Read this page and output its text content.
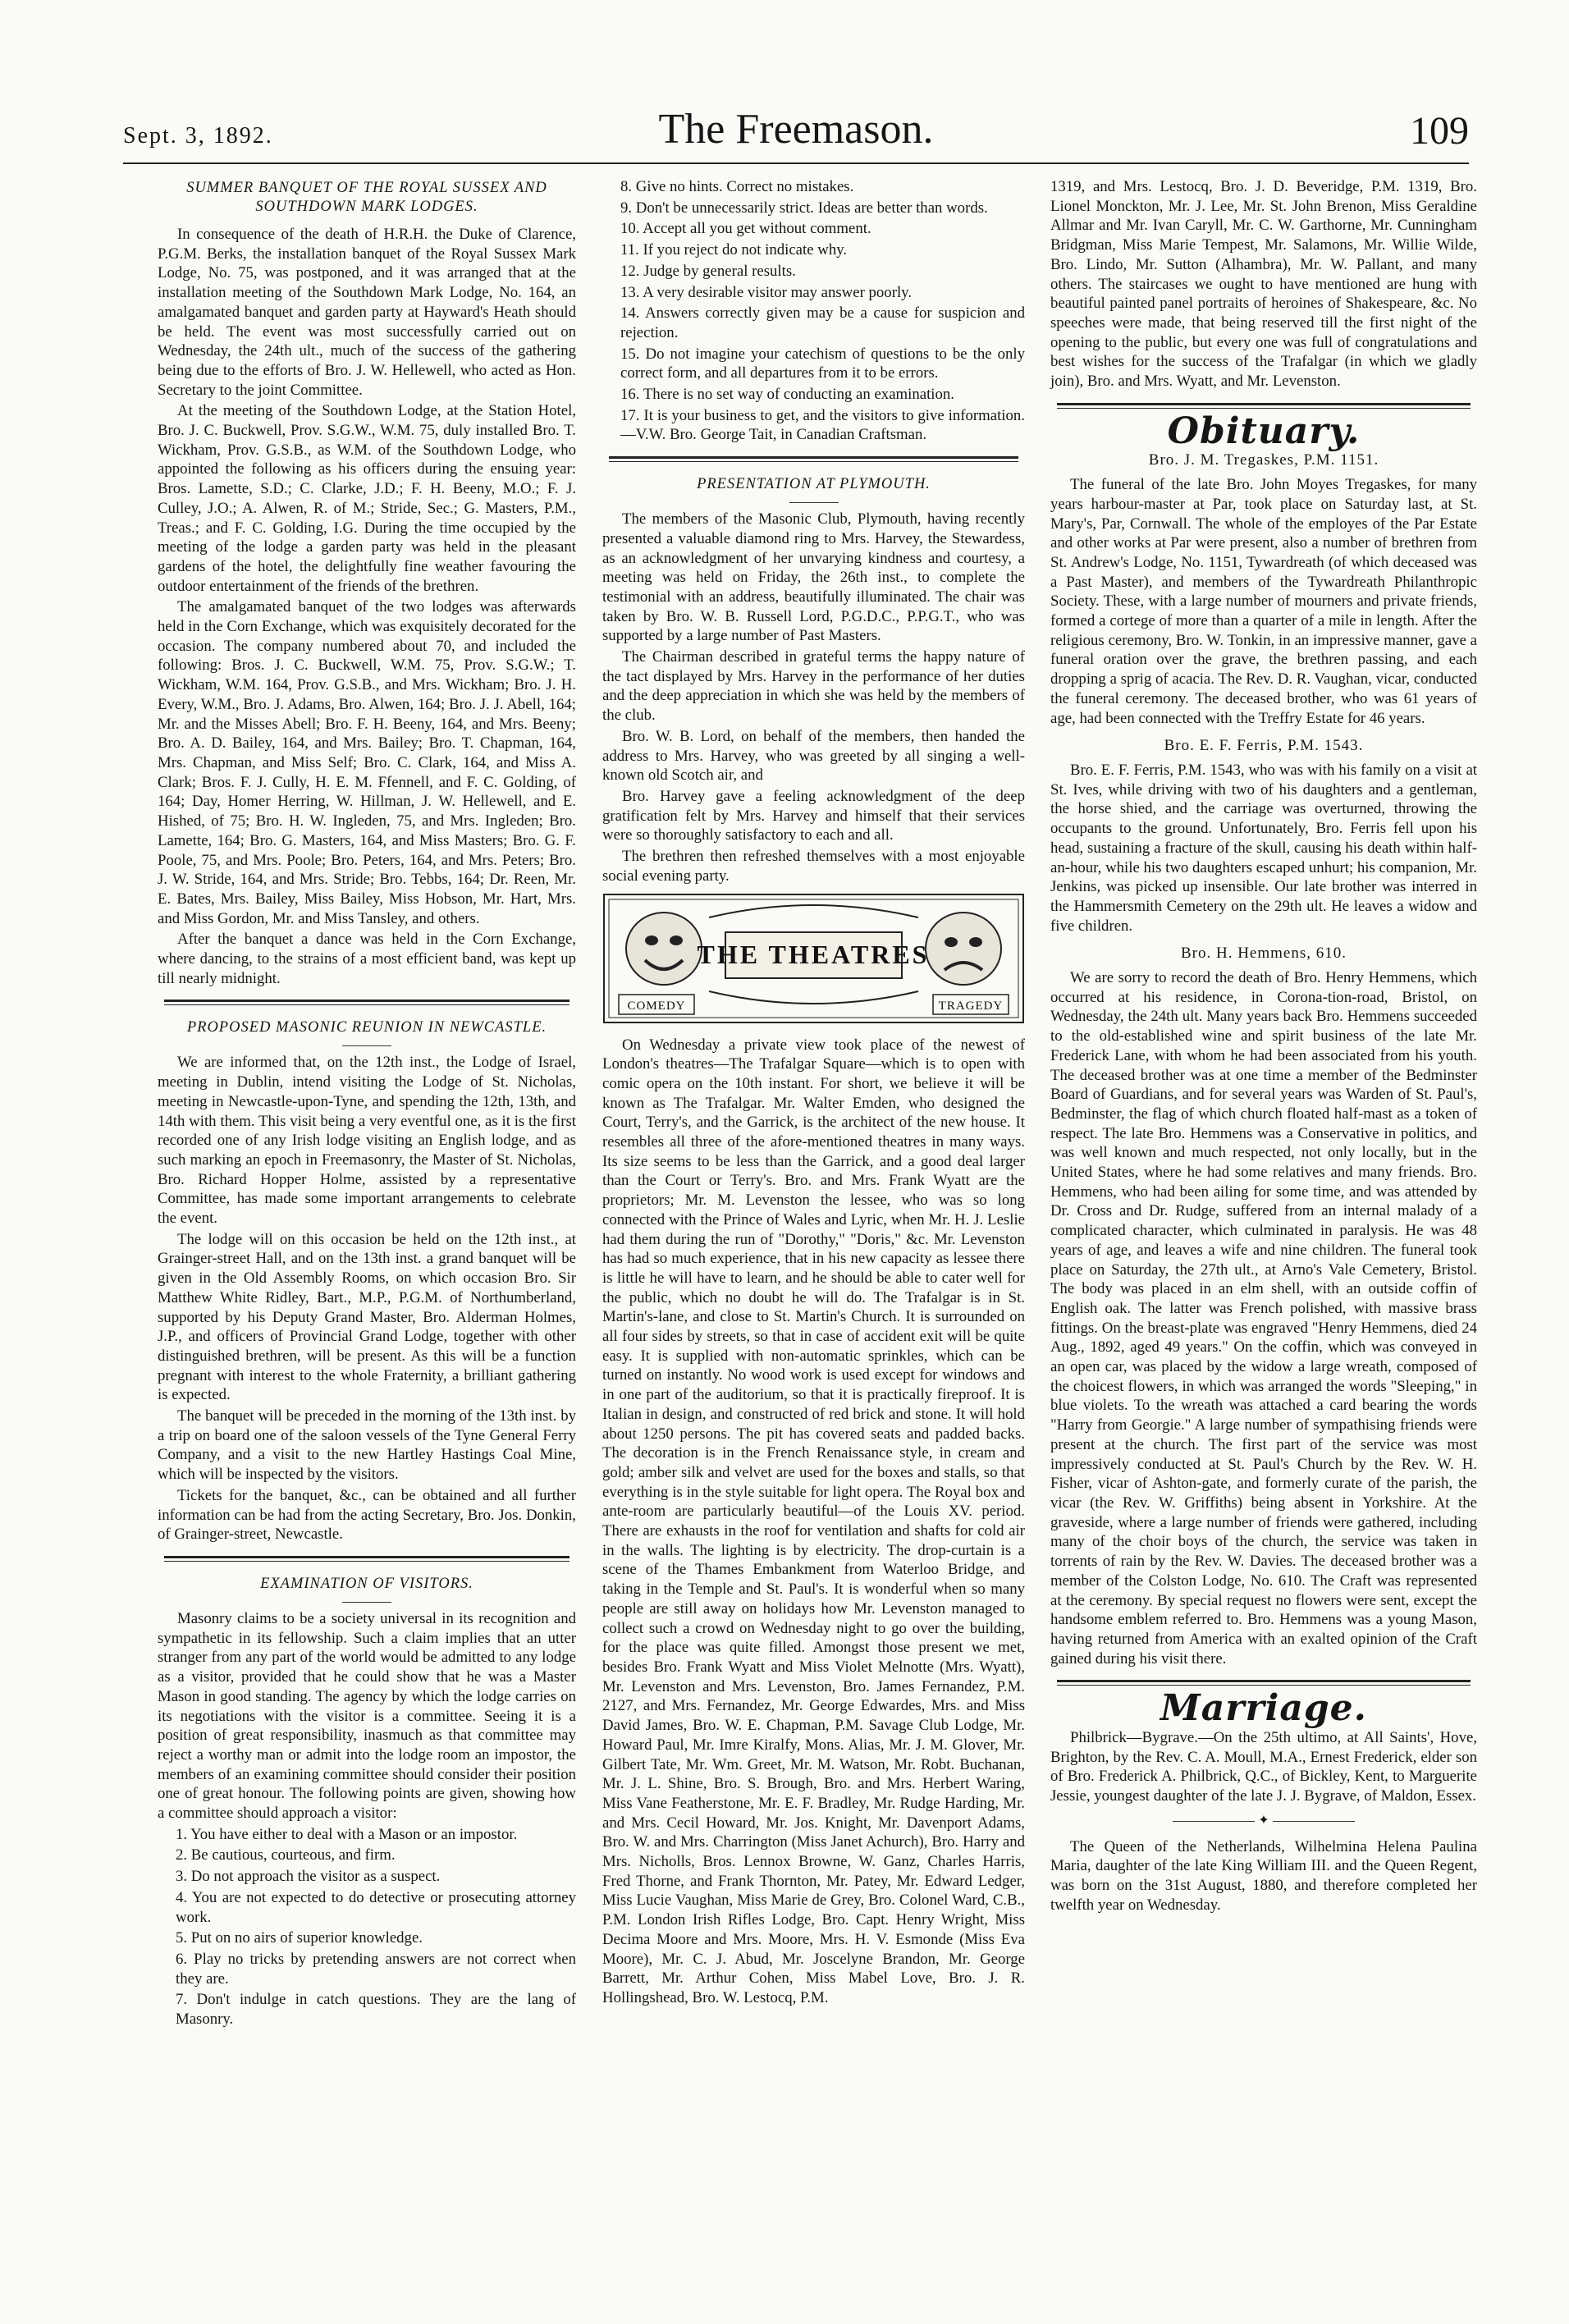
Sept. 3, 1892.	The Freemason.	109
SUMMER BANQUET OF THE ROYAL SUSSEX AND SOUTHDOWN MARK LODGES.

In consequence of the death of H.R.H. the Duke of Clarence, P.G.M. Berks, the installation banquet of the Royal Sussex Mark Lodge, No. 75, was postponed, and it was arranged that at the installation meeting of the Southdown Mark Lodge, No. 164, an amalgamated banquet and garden party at Hayward's Heath should be held. The event was most successfully carried out on Wednesday, the 24th ult., much of the success of the gathering being due to the efforts of Bro. J. W. Hellewell, who acted as Hon. Secretary to the joint Committee.

At the meeting of the Southdown Lodge, at the Station Hotel, Bro. J. C. Buckwell, Prov. S.G.W., W.M. 75, duly installed Bro. T. Wickham, Prov. G.S.B., as W.M. of the Southdown Lodge, who appointed the following as his officers during the ensuing year: Bros. Lamette, S.D.; C. Clarke, J.D.; F. H. Beeny, M.O.; F. J. Culley, J.O.; A. Alwen, R. of M.; Stride, Sec.; G. Masters, P.M., Treas.; and F. C. Golding, I.G. During the time occupied by the meeting of the lodge a garden party was held in the pleasant gardens of the hotel, the delightfully fine weather favouring the outdoor entertainment of the friends of the brethren.

The amalgamated banquet of the two lodges was afterwards held in the Corn Exchange, which was exquisitely decorated for the occasion. The company numbered about 70, and included the following: Bros. J. C. Buckwell, W.M. 75, Prov. S.G.W.; T. Wickham, W.M. 164, Prov. G.S.B., and Mrs. Wickham; Bro. J. H. Every, W.M., Bro. J. Adams, Bro. Alwen, 164; Bro. J. J. Abell, 164; Mr. and the Misses Abell; Bro. F. H. Beeny, 164, and Mrs. Beeny; Bro. A. D. Bailey, 164, and Mrs. Bailey; Bro. T. Chapman, 164, Mrs. Chapman, and Miss Self; Bro. C. Clark, 164, and Miss A. Clark; Bros. F. J. Cully, H. E. M. Ffennell, and F. C. Golding, of 164; Day, Homer Herring, W. Hillman, J. W. Hellewell, and E. Hished, of 75; Bro. H. W. Ingleden, 75, and Mrs. Ingleden; Bro. Lamette, 164; Bro. G. Masters, 164, and Miss Masters; Bro. G. F. Poole, 75, and Mrs. Poole; Bro. Peters, 164, and Mrs. Peters; Bro. J. W. Stride, 164, and Mrs. Stride; Bro. Tebbs, 164; Dr. Reen, Mr. E. Bates, Mrs. Bailey, Miss Bailey, Miss Hobson, Mr. Hart, Mrs. and Miss Gordon, Mr. and Miss Tansley, and others.

After the banquet a dance was held in the Corn Exchange, where dancing, to the strains of a most efficient band, was kept up till nearly midnight.

PROPOSED MASONIC REUNION IN NEWCASTLE.

We are informed that, on the 12th inst., the Lodge of Israel, meeting in Dublin, intend visiting the Lodge of St. Nicholas, meeting in Newcastle-upon-Tyne, and spending the 12th, 13th, and 14th with them. This visit being a very eventful one, as it is the first recorded one of any Irish lodge visiting an English lodge, and as such marking an epoch in Freemasonry, the Master of St. Nicholas, Bro. Richard Hopper Holme, assisted by a representative Committee, has made some important arrangements to celebrate the event.

The lodge will on this occasion be held on the 12th inst., at Grainger-street Hall, and on the 13th inst. a grand banquet will be given in the Old Assembly Rooms, on which occasion Bro. Sir Matthew White Ridley, Bart., M.P., P.G.M. of Northumberland, supported by his Deputy Grand Master, Bro. Alderman Holmes, J.P., and officers of Provincial Grand Lodge, together with other distinguished brethren, will be present. As this will be a function pregnant with interest to the whole Fraternity, a brilliant gathering is expected.

The banquet will be preceded in the morning of the 13th inst. by a trip on board one of the saloon vessels of the Tyne General Ferry Company, and a visit to the new Hartley Hastings Coal Mine, which will be inspected by the visitors.

Tickets for the banquet, &c., can be obtained and all further information can be had from the acting Secretary, Bro. Jos. Donkin, of Grainger-street, Newcastle.

EXAMINATION OF VISITORS.

Masonry claims to be a society universal in its recognition and sympathetic in its fellowship. Such a claim implies that an utter stranger from any part of the world would be admitted to any lodge as a visitor, provided that he could show that he was a Master Mason in good standing. The agency by which the lodge carries on its negotiations with the visitor is a committee. Seeing it is a position of great responsibility, inasmuch as that committee may reject a worthy man or admit into the lodge room an impostor, the members of an examining committee should consider their position one of great honour. The following points are given, showing how a committee should approach a visitor:

1. You have either to deal with a Mason or an impostor.

2. Be cautious, courteous, and firm.

3. Do not approach the visitor as a suspect.

4. You are not expected to do detective or prosecuting attorney work.

5. Put on no airs of superior knowledge.

6. Play no tricks by pretending answers are not correct when they are.

7. Don't indulge in catch questions. They are the lang of Masonry.

8. Give no hints. Correct no mistakes.

9. Don't be unnecessarily strict. Ideas are better than words.

10. Accept all you get without comment.

11. If you reject do not indicate why.

12. Judge by general results.

13. A very desirable visitor may answer poorly.

14. Answers correctly given may be a cause for suspicion and rejection.

15. Do not imagine your catechism of questions to be the only correct form, and all departures from it to be errors.

16. There is no set way of conducting an examination.

17. It is your business to get, and the visitors to give information.—V.W. Bro. George Tait, in Canadian Craftsman.

PRESENTATION AT PLYMOUTH.

The members of the Masonic Club, Plymouth, having recently presented a valuable diamond ring to Mrs. Harvey, the Stewardess, as an acknowledgment of her unvarying kindness and courtesy, a meeting was held on Friday, the 26th inst., to complete the testimonial with an address, beautifully illuminated. The chair was taken by Bro. W. B. Russell Lord, P.G.D.C., P.P.G.T., who was supported by a large number of Past Masters.

The Chairman described in grateful terms the happy nature of the tact displayed by Mrs. Harvey in the performance of her duties and the deep appreciation in which she was held by the members of the club.

Bro. W. B. Lord, on behalf of the members, then handed the address to Mrs. Harvey, who was greeted by all singing a well-known old Scotch air, and

Bro. Harvey gave a feeling acknowledgment of the deep gratification felt by Mrs. Harvey and himself that their services were so thoroughly satisfactory to each and all.

The brethren then refreshed themselves with a most enjoyable social evening party.

THE THEATRES
COMEDY	TRAGEDY

On Wednesday a private view took place of the newest of London's theatres—The Trafalgar Square—which is to open with comic opera on the 10th instant. For short, we believe it will be known as The Trafalgar. Mr. Walter Emden, who designed the Court, Terry's, and the Garrick, is the architect of the new house. It resembles all three of the afore-mentioned theatres in many ways. Its size seems to be less than the Garrick, and a good deal larger than the Court or Terry's. Bro. and Mrs. Frank Wyatt are the proprietors; Mr. M. Levenston the lessee, who was so long connected with the Prince of Wales and Lyric, when Mr. H. J. Leslie had them during the run of "Dorothy," "Doris," &c. Mr. Levenston has had so much experience, that in his new capacity as lessee there is little he will have to learn, and he should be able to cater well for the public, which no doubt he will do. The Trafalgar is in St. Martin's-lane, and close to St. Martin's Church. It is surrounded on all four sides by streets, so that in case of accident exit will be quite easy. It is supplied with non-automatic sprinkles, which can be turned on instantly. No wood work is used except for windows and in one part of the auditorium, so that it is practically fireproof. It is Italian in design, and constructed of red brick and stone. It will hold about 1250 persons. The pit has covered seats and padded backs. The decoration is in the French Renaissance style, in cream and gold; amber silk and velvet are used for the boxes and stalls, so that everything is in the style suitable for light opera. The Royal box and ante-room are particularly beautiful—of the Louis XV. period. There are exhausts in the roof for ventilation and shafts for cold air in the walls. The lighting is by electricity. The drop-curtain is a scene of the Thames Embankment from Waterloo Bridge, and taking in the Temple and St. Paul's. It is wonderful when so many people are still away on holidays how Mr. Levenston managed to collect such a crowd on Wednesday night to go over the building, for the place was quite filled. Amongst those present we met, besides Bro. Frank Wyatt and Miss Violet Melnotte (Mrs. Wyatt), Mr. Levenston and Mrs. Levenston, Bro. James Fernandez, P.M. 2127, and Mrs. Fernandez, Mr. George Edwardes, Mrs. and Miss David James, Bro. W. E. Chapman, P.M. Savage Club Lodge, Mr. Howard Paul, Mr. Imre Kiralfy, Mons. Alias, Mr. J. M. Glover, Mr. Gilbert Tate, Mr. Wm. Greet, Mr. M. Watson, Mr. Robt. Buchanan, Mr. J. L. Shine, Bro. S. Brough, Bro. and Mrs. Herbert Waring, Miss Vane Featherstone, Mr. E. F. Bradley, Mr. Rudge Harding, Mr. and Mrs. Cecil Howard, Mr. Jos. Knight, Mr. Davenport Adams, Bro. W. and Mrs. Charrington (Miss Janet Achurch), Bro. Harry and Mrs. Nicholls, Bros. Lennox Browne, W. Ganz, Charles Harris, Fred Thorne, and Frank Thornton, Mr. Patey, Mr. Edward Ledger, Miss Lucie Vaughan, Miss Marie de Grey, Bro. Colonel Ward, C.B., P.M. London Irish Rifles Lodge, Bro. Capt. Henry Wright, Miss Decima Moore and Mrs. Moore, Mrs. H. V. Esmonde (Miss Eva Moore), Mr. C. J. Abud, Mr. Joscelyne Brandon, Mr. George Barrett, Mr. Arthur Cohen, Miss Mabel Love, Bro. J. R. Hollingshead, Bro. W. Lestocq, P.M.

1319, and Mrs. Lestocq, Bro. J. D. Beveridge, P.M. 1319, Bro. Lionel Monckton, Mr. J. Lee, Mr. St. John Brenon, Miss Geraldine Allmar and Mr. Ivan Caryll, Mr. C. W. Garthorne, Mr. Cunningham Bridgman, Miss Marie Tempest, Mr. Salamons, Mr. Willie Wilde, Bro. Lindo, Mr. Sutton (Alhambra), Mr. W. Pallant, and many others. The staircases we ought to have mentioned are hung with beautiful painted panel portraits of heroines of Shakespeare, &c. No speeches were made, that being reserved till the first night of the opening to the public, but every one was full of congratulations and best wishes for the success of the Trafalgar (in which we gladly join), Bro. and Mrs. Wyatt, and Mr. Levenston.

Obituary.
Bro. J. M. Tregaskes, P.M. 1151.

The funeral of the late Bro. John Moyes Tregaskes, for many years harbour-master at Par, took place on Saturday last, at St. Mary's, Par, Cornwall. The whole of the employes of the Par Estate and other works at Par were present, also a number of brethren from St. Andrew's Lodge, No. 1151, Tywardreath (of which deceased was a Past Master), and members of the Tywardreath Philanthropic Society. These, with a large number of mourners and private friends, formed a cortege of more than a quarter of a mile in length. After the religious ceremony, Bro. W. Tonkin, in an impressive manner, gave a funeral oration over the grave, the brethren passing, and each dropping a sprig of acacia. The Rev. D. R. Vaughan, vicar, conducted the funeral ceremony. The deceased brother, who was 61 years of age, had been connected with the Treffry Estate for 46 years.

Bro. E. F. Ferris, P.M. 1543.

Bro. E. F. Ferris, P.M. 1543, who was with his family on a visit at St. Ives, while driving with two of his daughters and a gentleman, the horse shied, and the carriage was overturned, throwing the occupants to the ground. Unfortunately, Bro. Ferris fell upon his head, sustaining a fracture of the skull, causing his death within half-an-hour, while his two daughters escaped unhurt; his companion, Mr. Jenkins, was picked up insensible. Our late brother was interred in the Hammersmith Cemetery on the 29th ult. He leaves a widow and five children.

Bro. H. Hemmens, 610.

We are sorry to record the death of Bro. Henry Hemmens, which occurred at his residence, in Corona-tion-road, Bristol, on Wednesday, the 24th ult. Many years back Bro. Hemmens succeeded to the old-established wine and spirit business of the late Mr. Frederick Lane, with whom he had been associated from his youth. The deceased brother was at one time a member of the Bedminster Board of Guardians, and for several years was Warden of St. Paul's, Bedminster, the flag of which church floated half-mast as a token of respect. The late Bro. Hemmens was a Conservative in politics, and was well known and much respected, not only locally, but in the United States, where he had some relatives and many friends. Bro. Hemmens, who had been ailing for some time, and was attended by Dr. Cross and Dr. Rudge, suffered from an internal malady of a complicated character, which culminated in paralysis. He was 48 years of age, and leaves a wife and nine children. The funeral took place on Saturday, the 27th ult., at Arno's Vale Cemetery, Bristol. The body was placed in an elm shell, with an outside coffin of English oak. The latter was French polished, with massive brass fittings. On the breast-plate was engraved "Henry Hemmens, died 24 Aug., 1892, aged 49 years." On the coffin, which was conveyed in an open car, was placed by the widow a large wreath, composed of the choicest flowers, in which was arranged the words "Sleeping," in blue violets. To the wreath was attached a card bearing the words "Harry from Georgie." A large number of sympathising friends were present at the church. The first part of the service was most impressively conducted at St. Paul's Church by the Rev. W. H. Fisher, vicar of Ashton-gate, and formerly curate of the parish, the vicar (the Rev. W. Griffiths) being absent in Yorkshire. At the graveside, where a large number of friends were gathered, including many of the choir boys of the church, the service was taken in torrents of rain by the Rev. W. Davies. The deceased brother was a member of the Colston Lodge, No. 610. The Craft was represented at the ceremony. By special request no flowers were sent, except the handsome emblem referred to. Bro. Hemmens was a young Mason, having returned from America with an exalted opinion of the Craft gained during his visit there.

Marriage.

Philbrick—Bygrave.—On the 25th ultimo, at All Saints', Hove, Brighton, by the Rev. C. A. Moull, M.A., Ernest Frederick, elder son of Bro. Frederick A. Philbrick, Q.C., of Bickley, Kent, to Marguerite Jessie, youngest daughter of the late J. J. Bygrave, of Maldon, Essex.

✦

The Queen of the Netherlands, Wilhelmina Helena Paulina Maria, daughter of the late King William III. and the Queen Regent, was born on the 31st August, 1880, and therefore completed her twelfth year on Wednesday.
